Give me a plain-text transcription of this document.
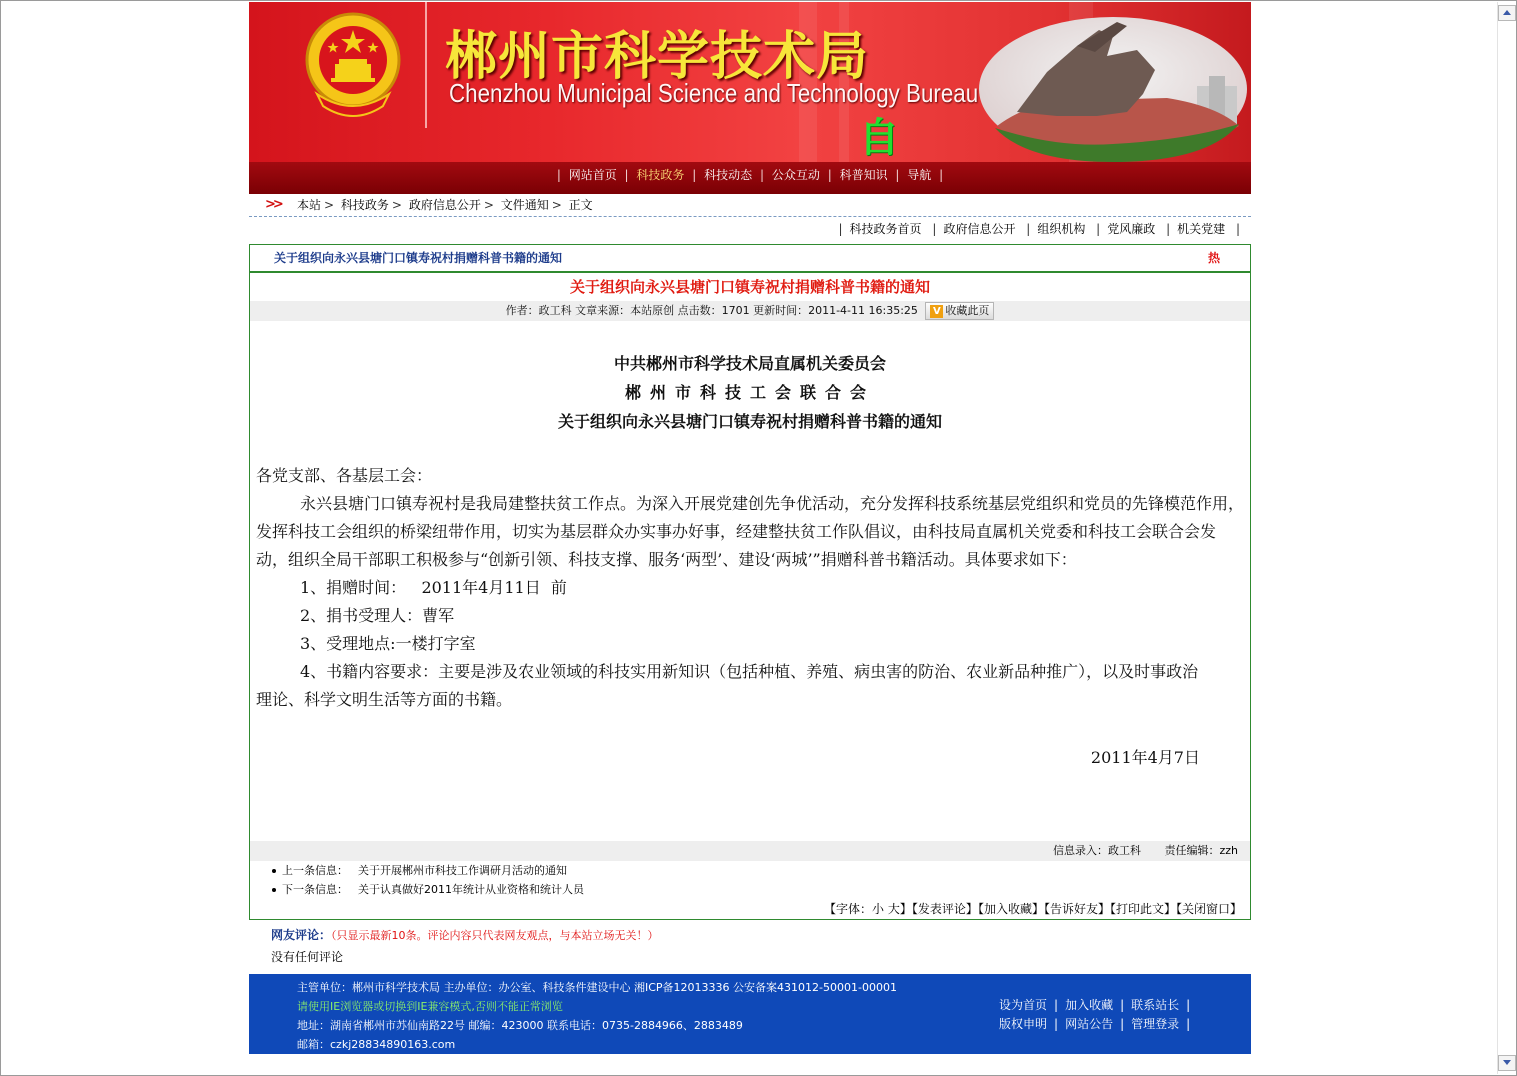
郴州市科学技术局
Chenzhou Municipal Science and Technology Bureau
自
| 网站首页 | 科技政务 | 科技动态 | 公众互动 | 科普知识 | 导航 |
>> 本站 > 科技政务 > 政府信息公开 > 文件通知 > 正文
| 科技政务首页 | 政府信息公开 | 组织机构 | 党风廉政 | 机关党建 |
关于组织向永兴县塘门口镇寿祝村捐赠科普书籍的通知	热
关于组织向永兴县塘门口镇寿祝村捐赠科普书籍的通知
作者：政工科 文章来源：本站原创 点击数：1701 更新时间：2011-4-11 16:35:25 V 收藏此页
中共郴州市科学技术局直属机关委员会
郴州市科技工会联合会
关于组织向永兴县塘门口镇寿祝村捐赠科普书籍的通知

各党支部、各基层工会：

永兴县塘门口镇寿祝村是我局建整扶贫工作点。为深入开展党建创先争优活动，充分发挥科技系统基层党组织和党员的先锋模范作用，发挥科技工会组织的桥梁纽带作用，切实为基层群众办实事办好事，经建整扶贫工作队倡议，由科技局直属机关党委和科技工会联合会发动，组织全局干部职工积极参与“创新引领、科技支撑、服务‘两型’、建设‘两城’”捐赠科普书籍活动。具体要求如下：

1、捐赠时间：   2011年4月11日  前

2、捐书受理人：曹军

3、受理地点:一楼打字室

4、书籍内容要求：主要是涉及农业领域的科技实用新知识（包括种植、养殖、病虫害的防治、农业新品种推广），以及时事政治理论、科学文明生活等方面的书籍。

2011年4月7日

信息录入：政工科 责任编辑：zzh
上一条信息： 关于开展郴州市科技工作调研月活动的通知
下一条信息： 关于认真做好2011年统计从业资格和统计人员
【字体：小 大】【发表评论】【加入收藏】【告诉好友】【打印此文】【关闭窗口】
网友评论：（只显示最新10条。评论内容只代表网友观点，与本站立场无关！）
没有任何评论
主管单位：郴州市科学技术局 主办单位：办公室、科技条件建设中心 湘ICP备12013336 公安备案431012-50001-00001
请使用IE浏览器或切换到IE兼容模式,否则不能正常浏览
地址：湖南省郴州市苏仙南路22号 邮编：423000 联系电话：0735-2884966、2883489
邮箱：czkj28834890163.com
设为首页 | 加入收藏 | 联系站长 |
版权申明 | 网站公告 | 管理登录 |
